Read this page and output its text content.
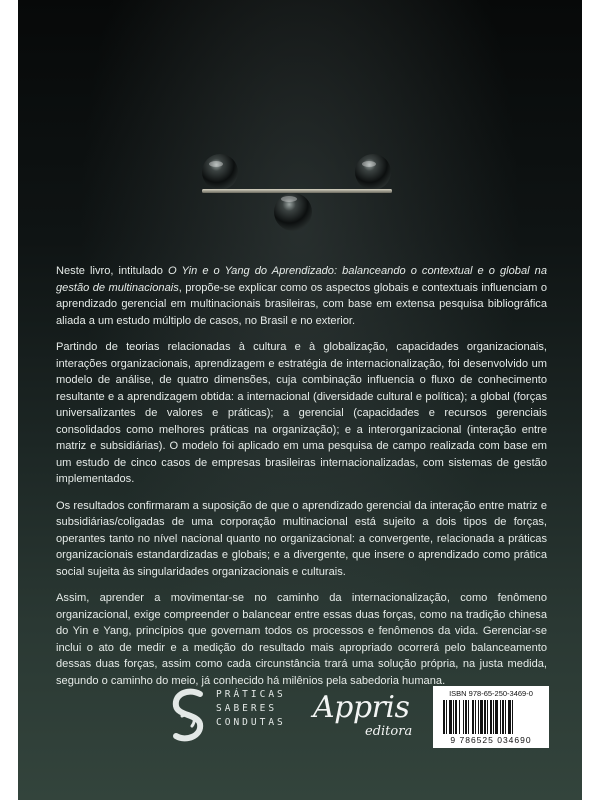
Neste livro, intitulado O Yin e o Yang do Aprendizado: balanceando o contextual e o global na gestão de multinacionais, propõe-se explicar como os aspectos globais e contextuais influenciam o aprendizado gerencial em multinacionais brasileiras, com base em extensa pesquisa bibliográfica aliada a um estudo múltiplo de casos, no Brasil e no exterior.

Partindo de teorias relacionadas à cultura e à globalização, capacidades organizacionais, interações organizacionais, aprendizagem e estratégia de internacionalização, foi desenvolvido um modelo de análise, de quatro dimensões, cuja combinação influencia o fluxo de conhecimento resultante e a aprendizagem obtida: a internacional (diversidade cultural e política); a global (forças universalizantes de valores e práticas); a gerencial (capacidades e recursos gerenciais consolidados como melhores práticas na organização); e a interorganizacional (interação entre matriz e subsidiárias). O modelo foi aplicado em uma pesquisa de campo realizada com base em um estudo de cinco casos de empresas brasileiras internacionalizadas, com sistemas de gestão implementados.

Os resultados confirmaram a suposição de que o aprendizado gerencial da interação entre matriz e subsidiárias/coligadas de uma corporação multinacional está sujeito a dois tipos de forças, operantes tanto no nível nacional quanto no organizacional: a convergente, relacionada a práticas organizacionais estandardizadas e globais; e a divergente, que insere o aprendizado como prática social sujeita às singularidades organizacionais e culturais.

Assim, aprender a movimentar-se no caminho da internacionalização, como fenômeno organizacional, exige compreender o balancear entre essas duas forças, como na tradição chinesa do Yin e Yang, princípios que governam todos os processos e fenômenos da vida. Gerenciar-se inclui o ato de medir e a medição do resultado mais apropriado ocorrerá pelo balanceamento dessas duas forças, assim como cada circunstância trará uma solução própria, na justa medida, segundo o caminho do meio, já conhecido há milênios pela sabedoria humana.

PRÁTICAS
SABERES
CONDUTAS Appris
editora
ISBN 978-65-250-3469-0
9 786525 034690
